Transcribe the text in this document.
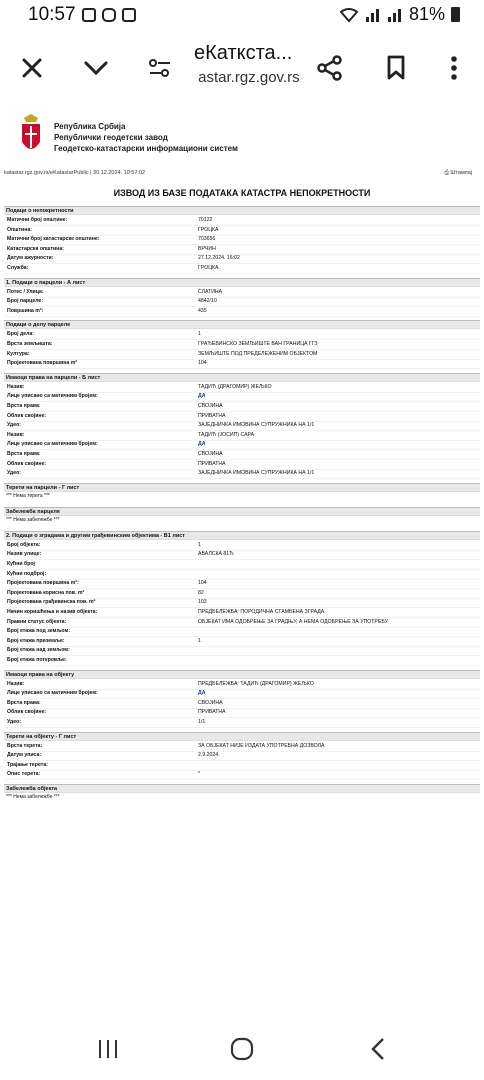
10:57	81%
eКаткста...
astar.rgz.gov.rs
Република Србија
Републички геодетски завод
Геодетско-катастарски информациони систем
katastar.rgz.gov.rs/eKatastarPublic | 30.12.2024. 10:57:02	⎙ Штампај
ИЗВОД ИЗ БАЗЕ ПОДАТАКА КАТАСТРА НЕПОКРЕТНОСТИ
Подаци о непокретности
Матични број општине:	70122
Општина:	ГРОЦКА
Матични број катастарске општине:	703656
Катастарска општина:	ВРЧИН
Датум ажурности:	27.12.2024. 16:02
Служба:	ГРОЦКА
1. Подаци о парцели - А лист
Потес / Улица:	СЛАТИНА
Број парцеле:	4842/10
Површина m²:	435
Подаци о делу парцеле
Број дела:	1
Врста земљишта:	ГРАЂЕВИНСКО ЗЕМЉИШТЕ ВАН ГРАНИЦА ГГЗ
Култура:	ЗЕМЉИШТЕ ПОД ПРЕДЕЛЕЖЕНИМ ОБЈЕКТОМ
Пројектована површина m²	104
Имаоци права на парцели - Б лист
Назив:	ТАДИЋ (ДРАГОМИР) ЖЕЉКО
Лице уписано са матичним бројем:	ДА
Врста права:	СВОЈИНА
Облик својине:	ПРИВАТНА
Удео:	ЗАЈЕДНИЧКА ИМОВИНА СУПРУЖНИКА НА 1/1
Назив:	ТАДИЋ (ЈОСИП) САРА
Лице уписано са матичним бројем:	ДА
Врста права:	СВОЈИНА
Облик својине:	ПРИВАТНА
Удео:	ЗАЈЕДНИЧКА ИМОВИНА СУПРУЖНИКА НА 1/1
Терети на парцели - Г лист
*** Нема терета ***
Забележба парцеле
*** Нема забележбе ***
2. Подаци о зградама и другим грађевинским објектима - В1 лист
Број објекта:	1
Назив улице:	АВАЛСКА 81Ђ
Кућни број
Кућни подброј:
Пројектована површина m²:	104
Пројектована корисна пов. m²	82
Пројектована грађевинска пов. m²	103
Начин коришћења и назив објекта:	ПРЕДБЕЛЕЖБА: ПОРОДИЧНА СТАМБЕНА ЗГРАДА
Правни статус објекта:	ОБЈЕКАТ ИМА ОДОБРЕЊЕ ЗА ГРАДЊУ, А НЕМА ОДОБРЕЊЕ ЗА УПОТРЕБУ
Број етажа под земљом:
Број етажа приземље:	1
Број етажа над земљом:
Број етажа поткровље:
Имаоци права на објекту
Назив:	ПРЕДБЕЛЕЖБА: ТАДИЋ (ДРАГОМИР) ЖЕЉКО
Лице уписано са матичним бројем:	ДА
Врста права:	СВОЈИНА
Облик својине:	ПРИВАТНА
Удео:	1/1
Терети на објекту - Г лист
Врста терета:	ЗА ОБЈЕКАТ НИЈЕ ИЗДАТА УПОТРЕБНА ДОЗВОЛА
Датум уписа:	2.9.2024.
Трајање терета:
Опис терета:	*
Забележба објекта
*** Нема забележбе ***
